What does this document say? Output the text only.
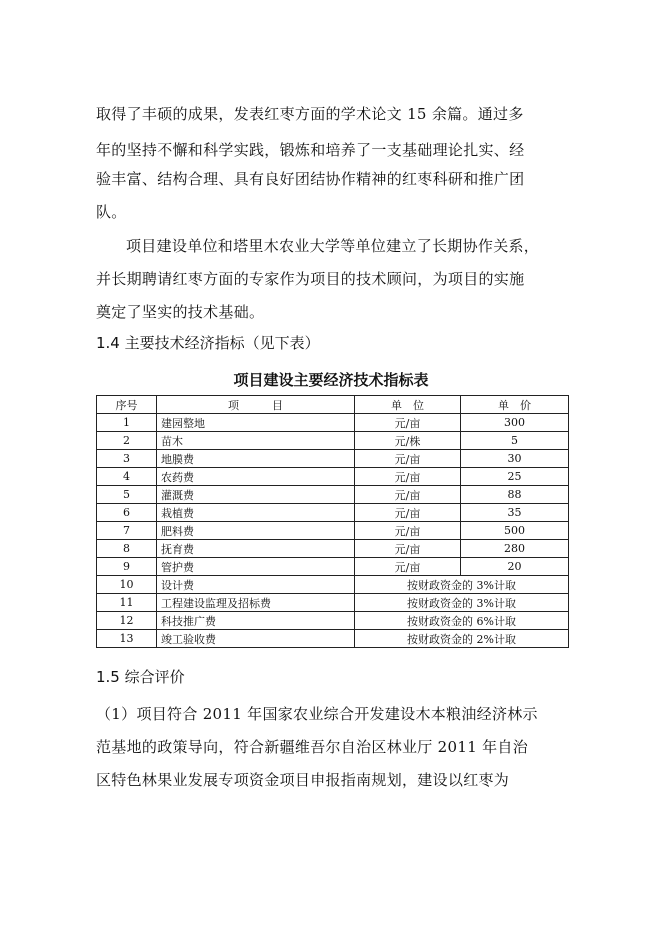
取得了丰硕的成果，发表红枣方面的学术论文 15 余篇。通过多
年的坚持不懈和科学实践，锻炼和培养了一支基础理论扎实、经
验丰富、结构合理、具有良好团结协作精神的红枣科研和推广团
队。
项目建设单位和塔里木农业大学等单位建立了长期协作关系，
并长期聘请红枣方面的专家作为项目的技术顾问，为项目的实施
奠定了坚实的技术基础。
1.4 主要技术经济指标（见下表）
项目建设主要经济技术指标表
序号	项　　　目	单　位	单　价
1	建园整地	元/亩	300
2	苗木	元/株	5
3	地膜费	元/亩	30
4	农药费	元/亩	25
5	灌溉费	元/亩	88
6	栽植费	元/亩	35
7	肥料费	元/亩	500
8	抚育费	元/亩	280
9	管护费	元/亩	20
10	设计费	按财政资金的 3%计取	
11	工程建设监理及招标费	按财政资金的 3%计取	
12	科技推广费	按财政资金的 6%计取	
13	竣工验收费	按财政资金的 2%计取	
1.5 综合评价
（1）项目符合 2011 年国家农业综合开发建设木本粮油经济林示
范基地的政策导向，符合新疆维吾尔自治区林业厅 2011 年自治
区特色林果业发展专项资金项目申报指南规划，建设以红枣为
